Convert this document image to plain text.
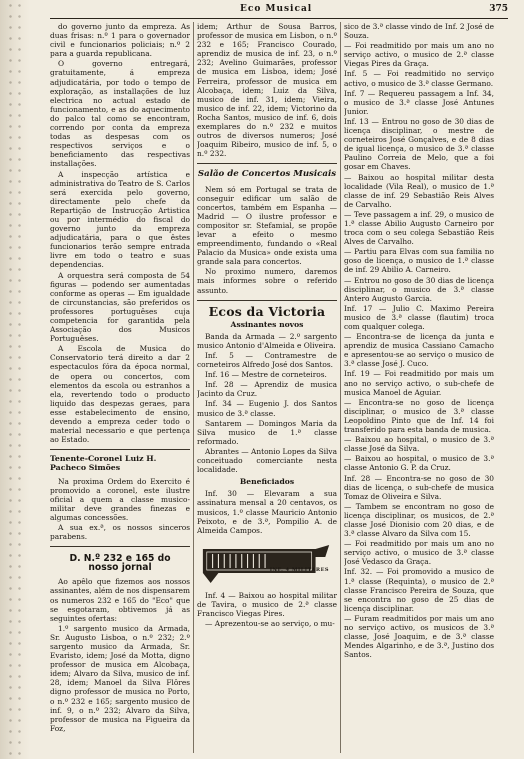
Eco Musical	375

do governo junto da empreza. As duas frisas: n.º 1 para o governador civil e funcionarios policiais; n.º 2 para a guarda republicana.

O governo entregará, gratuitamente, á empreza adjudicatária, por todo o tempo de exploração, as installações de luz electrica no actual estado de funcionamento, e as do aquecimento do palco tal como se encontram, correndo por conta da empreza todas as despesas com os respectivos serviços e o beneficiamento das respectivas installações.

A inspecção artística e administrativa do Teatro de S. Carlos será exercida pelo governo, directamente pelo chefe da Repartição de Instrucção Artistica ou por intermédio do fiscal do governo junto da empreza adjudicatária, para o que êstes funcionarios terão sempre entrada livre em todo o teatro e suas dependencias.

A orquestra será composta de 54 figuras — podendo ser aumentadas conforme as operas — Em igualdade de circunstancias, são preferidos os professores portuguêses cuja competencia for garantida pela Associação dos Musicos Portuguêses.

A Escola de Musica do Conservatorio terá direito a dar 2 espectaculos fóra da época normal, de opera ou concertos, com elementos da escola ou estranhos a ela, revertendo todo o producto liquido das despezas geraes, para esse estabelecimento de ensino, devendo a empreza ceder todo o material necessario e que pertença ao Estado.

Tenente-Coronel Luiz H. Pacheco Simões

Na proxima Ordem do Exercito é promovido a coronel, este ilustre oficial a quem a classe musico-militar deve grandes finezas e algumas concessões.

A sua ex.ª, os nossos sinceros parabens.

D. N.º 232 e 165 do nosso jornal

Ao apêlo que fizemos aos nossos assinantes, além de nos dispensarem os numeros 232 e 165 do "Eco" que se esgotaram, obtivemos já as seguintes ofertas:

1.º sargento musico da Armada, Sr. Augusto Lisboa, o n.º 232; 2.º sargento musico da Armada, Sr. Evaristo, idem; José da Motta, digno professor de musica em Alcobaça, idem; Alvaro da Silva, musico de inf. 28, idem; Manoel da Silva Flôres digno professor de musica no Porto, o n.º 232 e 165; sargento musico de inf. 9, o n.º 232; Alvaro da Silva, professor de musica na Figueira da Foz,

idem; Arthur de Sousa Barros, professor de musica em Lisbon, o n.º 232 e 165; Francisco Courado, aprendiz de musica de inf. 23, o n.º 232; Avelino Guimarães, professor de musica em Lisboa, idem; José Ferreira, professor de musica em Alcobaça, idem; Luiz da Silva, musico de inf. 31, idem; Vieira, musico de inf. 22, idem; Victorino da Rocha Santos, musico de inf. 6, dois exemplares do n.º 232 e muitos outros de diversos numeros; José Joaquim Ribeiro, musico de inf. 5, o n.º 232.

Salão de Concertos Musicais

Nem só em Portugal se trata de conseguir edificar um salão de concertos, também em Espanha — Madrid — O ilustre professor e compositor sr. Stefamial, se propõe levar a efeito o mesmo empreendimento, fundando o «Real Palacio da Musica» onde exista uma grande sala para concertos.

No proximo numero, daremos mais informes sobre o referido assunto.

Ecos da Victoria
Assinantes novos

Banda da Armada — 2.º sargento musico Antonio d'Almeida e Oliveira.

Inf. 5 — Contramestre de corneteiros Alfredo José dos Santos.

Inf. 16 — Mestre de corneteiros.

Inf. 28 — Aprendiz de musica Jacinto da Cruz.

Inf. 34 — Eugenio J. dos Santos musico de 3.ª classe.

Santarem — Domingos Maria da Silva musico de 1.ª classe reformado.

Abrantes — Antonio Lopes da Silva conceituado comerciante nesta localidade.

Beneficiados

Inf. 30 — Elevaram a sua assinatura mensal a 20 centavos, os musicos, 1.º classe Mauricio Antonio Peixoto, e de 3.ª, Pompilio A. de Almeida Campos.

INF. 4 MILITARES

Inf. 4 — Baixou ao hospital militar de Tavira, o musico de 2.ª classe Francisco Viegas Pires.

— Aprezentou-se ao serviço, o mu-

sico de 3.ª classe vindo de Inf. 2 José de Souza.

— Foi readmitido por mais um ano no serviço activo, o musico de 2.ª classe Viegas Pires da Graça.

Inf. 5 — Foi readmitido no serviço activo, o musico de 3.ª classe Germano.

Inf. 7 — Requereu passagem a Inf. 34, o musico de 3.ª classe José Antunes Junior.

Inf. 13 — Entrou no goso de 30 dias de licença disciplinar, o mestre de corneteiros José Gonçalves, e de 8 dias de igual licença, o musico de 3.ª classe Paulino Correia de Melo, que a foi gosar em Chaves.

— Baixou ao hospital militar desta localidade (Vila Real), o musico de 1.ª classe de inf. 29 Sebastião Reis Alves de Carvalho.

— Teve passagem a inf. 29, o musico de 1.ª classe Abilio Augusto Carneiro por troca com o seu colega Sebastião Reis Alves de Carvalho.

— Partiu para Elvas com sua familia no goso de licença, o musico de 1.ª classe de inf. 29 Abilio A. Carneiro.

— Entrou no goso de 30 dias de licença disciplinar, o musico de 3.ª classe Antero Augusto Garcia.

Inf. 17 — Julio C. Maximo Pereira musico de 3.ª classe (flautim) troca com qualquer colega.

— Encontra-se de licença da junta e aprendiz de musica Cassiano Camacho e apresentou-se ao serviço o musico de 3.ª classe José J. Cuco.

Inf. 19 — Foi readmitido por mais um ano no serviço activo, o sub-chefe de musica Manoel de Aguiar.

— Encontra-se no goso de licença disciplinar, o musico de 3.ª classe Leopoldino Pinto que de Inf. 14 foi transferido para esta banda de musica.

— Baixou ao hospital, o musico de 3.ª classe José da Silva.

— Baixou ao hospital, o musico de 3.ª classe Antonio G. P. da Cruz.

Inf. 28 — Encontra-se no goso de 30 dias de licença, o sub-chefe de musica Tomaz de Oliveira e Silva.

— Tambem se encontram no goso de licença disciplinar, os musicos, de 2.ª classe José Dionisio com 20 dias, e de 3.ª classe Alvaro da Silva com 15.

— Foi readmitido por mais um ano no serviço activo, o musico de 3.ª classe José Vedasco da Graça.

Inf. 32. — Foi promovido a musico de 1.ª classe (Requinta), o musico de 2.ª classe Francisco Pereira de Souza, que se encontra no goso de 25 dias de licença disciplinar.

— Furam readmitidos por mais um ano no serviço activo, os musicos de 3.ª classe, José Joaquim, e de 3.ª classe Mendes Algarinho, e de 3.ª, Justino dos Santos.
